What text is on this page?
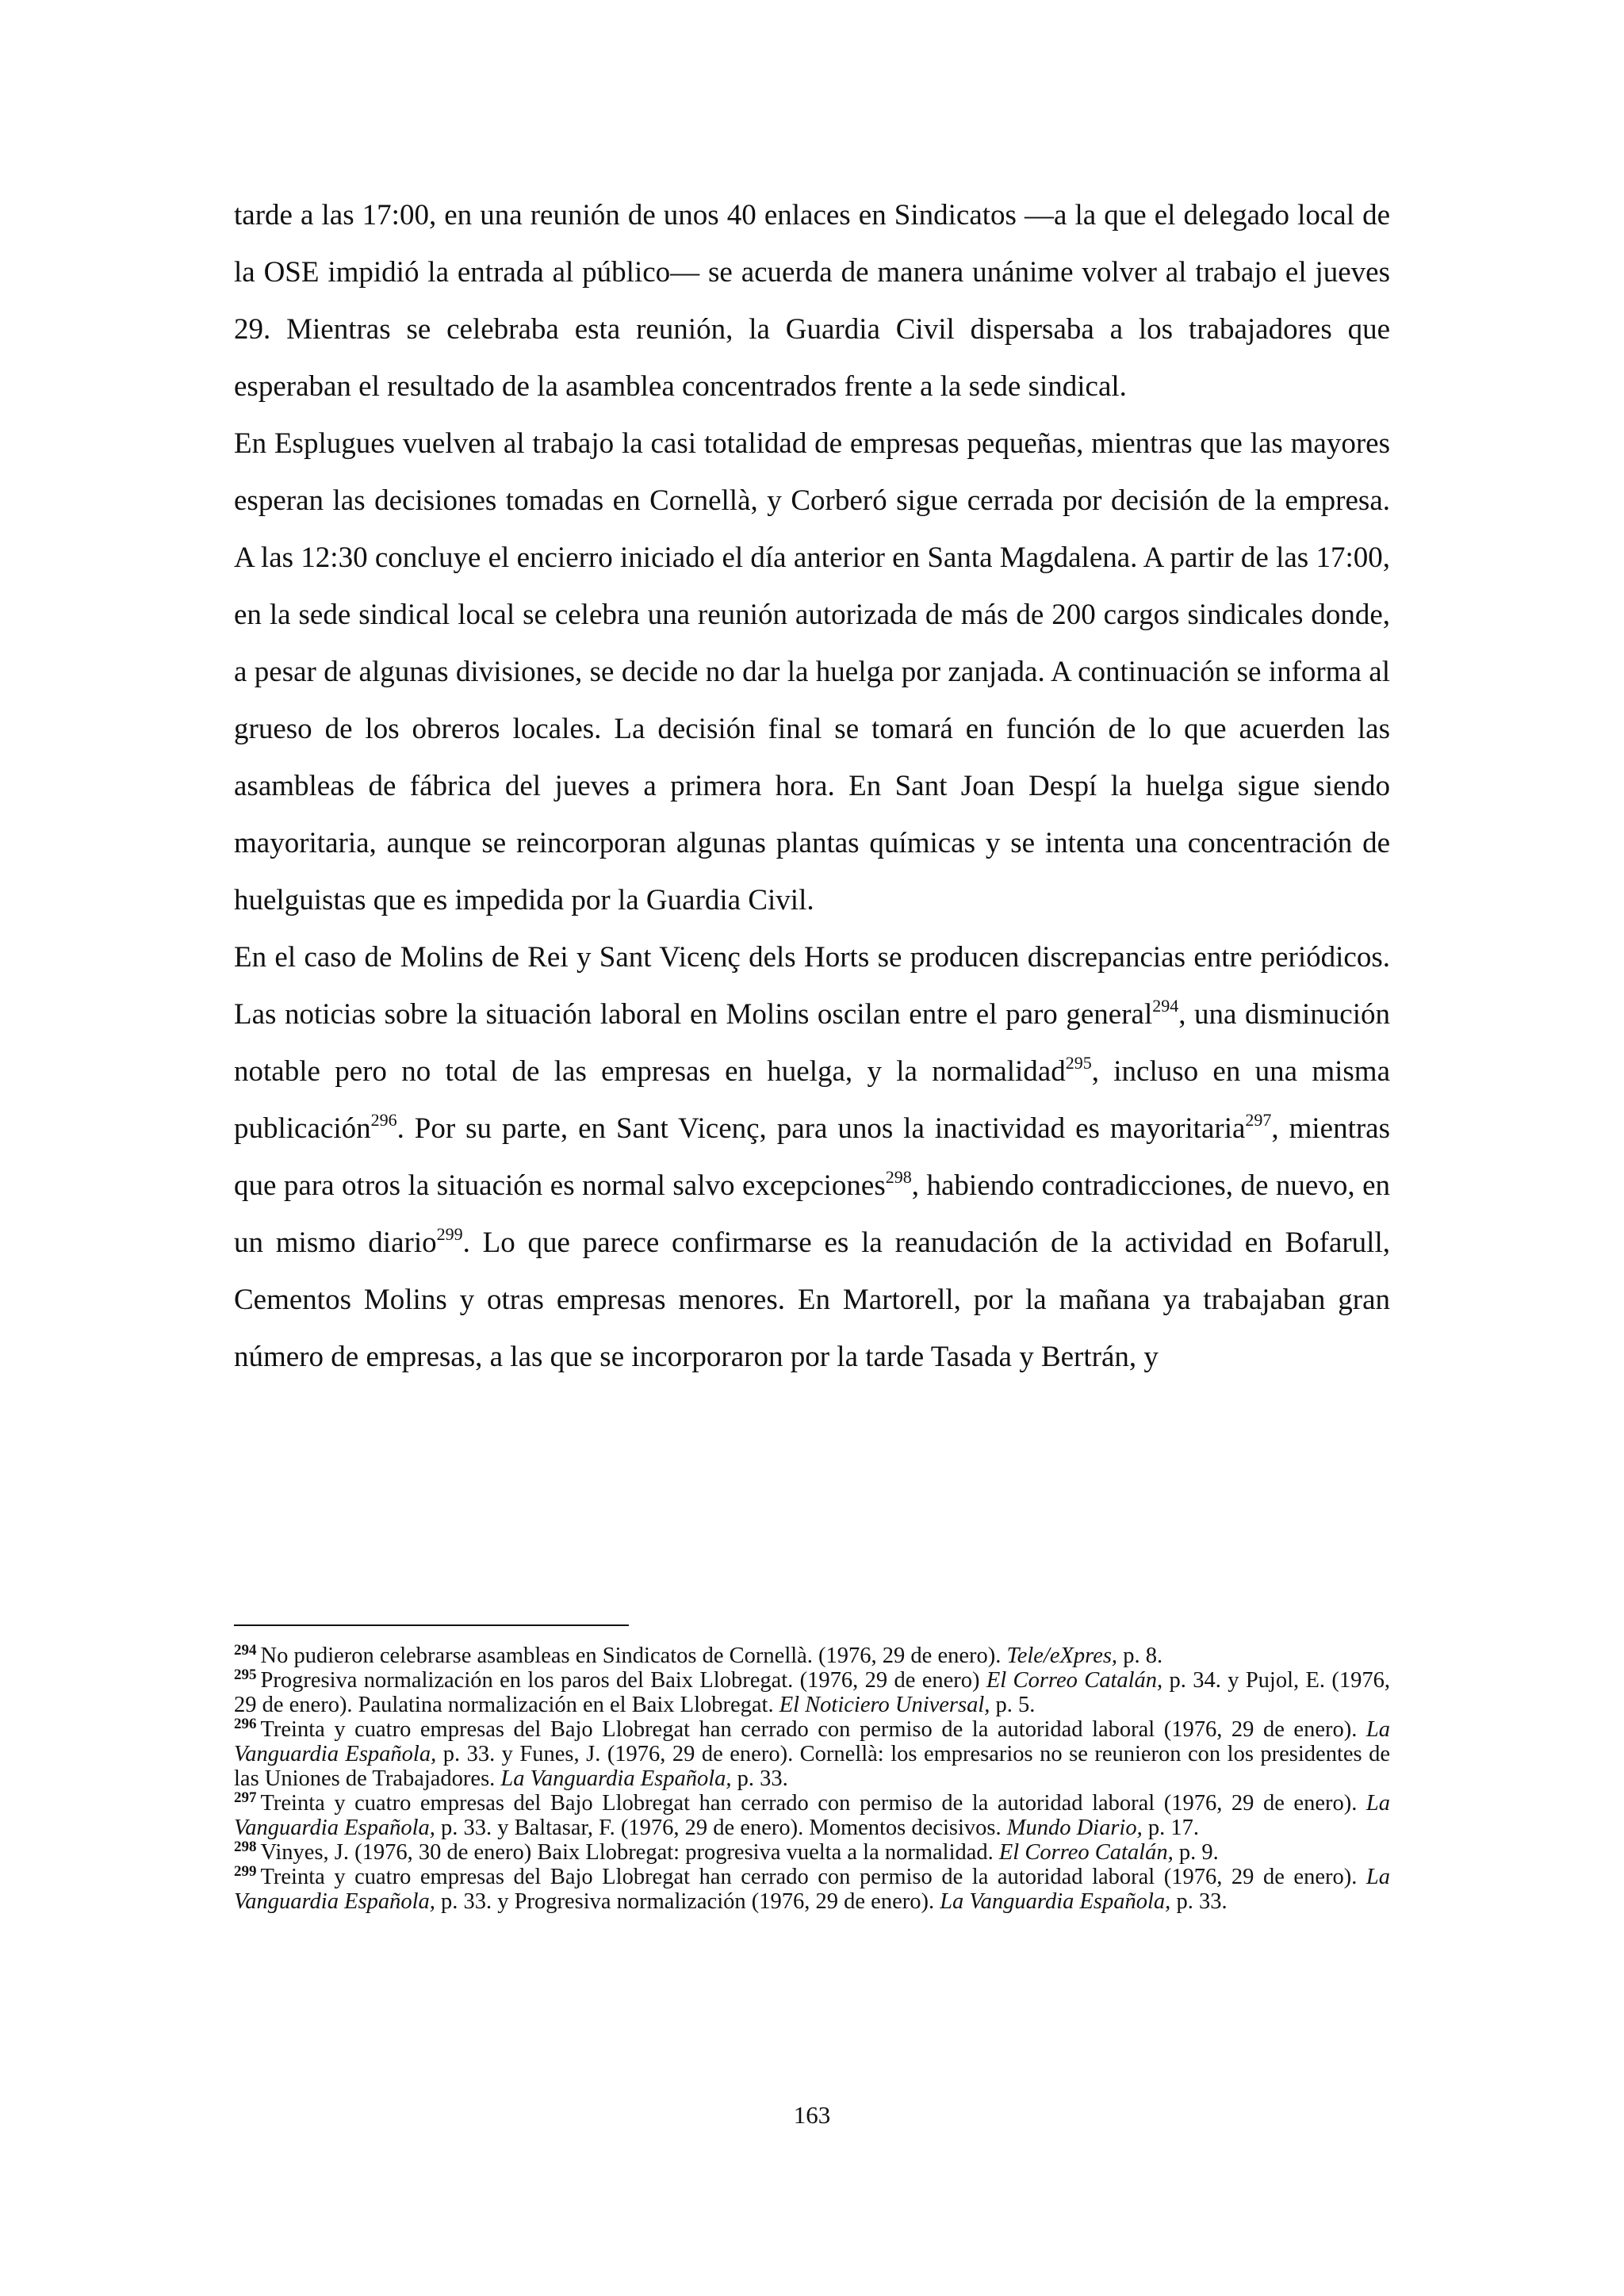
tarde a las 17:00, en una reunión de unos 40 enlaces en Sindicatos —a la que el delegado local de la OSE impidió la entrada al público— se acuerda de manera unánime volver al trabajo el jueves 29. Mientras se celebraba esta reunión, la Guardia Civil dispersaba a los trabajadores que esperaban el resultado de la asamblea concentrados frente a la sede sindical.

En Esplugues vuelven al trabajo la casi totalidad de empresas pequeñas, mientras que las mayores esperan las decisiones tomadas en Cornellà, y Corberó sigue cerrada por decisión de la empresa. A las 12:30 concluye el encierro iniciado el día anterior en Santa Magdalena. A partir de las 17:00, en la sede sindical local se celebra una reunión autorizada de más de 200 cargos sindicales donde, a pesar de algunas divisiones, se decide no dar la huelga por zanjada. A continuación se informa al grueso de los obreros locales. La decisión final se tomará en función de lo que acuerden las asambleas de fábrica del jueves a primera hora. En Sant Joan Despí la huelga sigue siendo mayoritaria, aunque se reincorporan algunas plantas químicas y se intenta una concentración de huelguistas que es impedida por la Guardia Civil.

En el caso de Molins de Rei y Sant Vicenç dels Horts se producen discrepancias entre periódicos. Las noticias sobre la situación laboral en Molins oscilan entre el paro general$^{294}$, una disminución notable pero no total de las empresas en huelga, y la normalidad$^{295}$, incluso en una misma publicación$^{296}$. Por su parte, en Sant Vicenç, para unos la inactividad es mayoritaria$^{297}$, mientras que para otros la situación es normal salvo excepciones$^{298}$, habiendo contradicciones, de nuevo, en un mismo diario$^{299}$. Lo que parece confirmarse es la reanudación de la actividad en Bofarull, Cementos Molins y otras empresas menores. En Martorell, por la mañana ya trabajaban gran número de empresas, a las que se incorporaron por la tarde Tasada y Bertrán, y

$^{294}$ No pudieron celebrarse asambleas en Sindicatos de Cornellà. (1976, 29 de enero). Tele/eXpres, p. 8.

$^{295}$ Progresiva normalización en los paros del Baix Llobregat. (1976, 29 de enero) El Correo Catalán, p. 34. y Pujol, E. (1976, 29 de enero). Paulatina normalización en el Baix Llobregat. El Noticiero Universal, p. 5.

$^{296}$ Treinta y cuatro empresas del Bajo Llobregat han cerrado con permiso de la autoridad laboral (1976, 29 de enero). La Vanguardia Española, p. 33. y Funes, J. (1976, 29 de enero). Cornellà: los empresarios no se reunieron con los presidentes de las Uniones de Trabajadores. La Vanguardia Española, p. 33.

$^{297}$ Treinta y cuatro empresas del Bajo Llobregat han cerrado con permiso de la autoridad laboral (1976, 29 de enero). La Vanguardia Española, p. 33. y Baltasar, F. (1976, 29 de enero). Momentos decisivos. Mundo Diario, p. 17.

$^{298}$ Vinyes, J. (1976, 30 de enero) Baix Llobregat: progresiva vuelta a la normalidad. El Correo Catalán, p. 9.

$^{299}$ Treinta y cuatro empresas del Bajo Llobregat han cerrado con permiso de la autoridad laboral (1976, 29 de enero). La Vanguardia Española, p. 33. y Progresiva normalización (1976, 29 de enero). La Vanguardia Española, p. 33.

163
